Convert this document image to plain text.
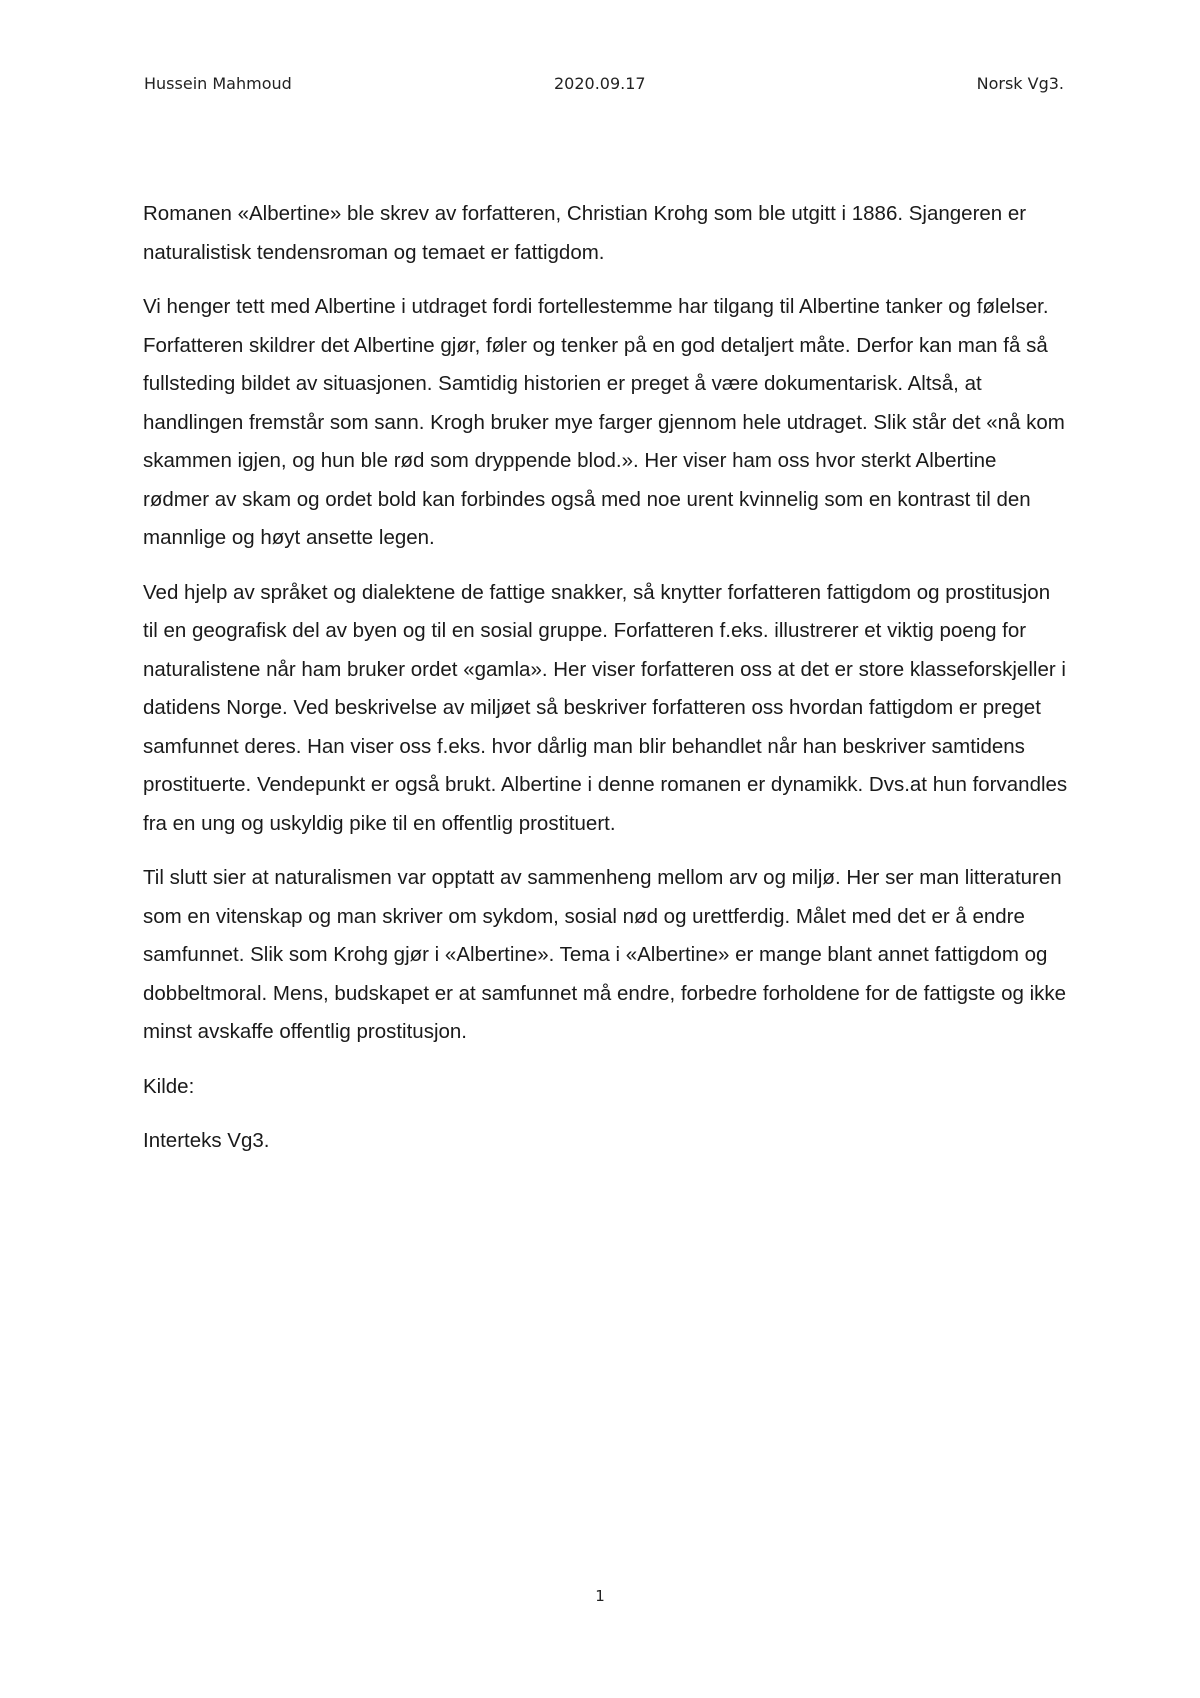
Hussein Mahmoud	2020.09.17	Norsk Vg3.

Romanen «Albertine» ble skrev av forfatteren, Christian Krohg som ble utgitt i 1886. Sjangeren er naturalistisk tendensroman og temaet er fattigdom.

Vi henger tett med Albertine i utdraget fordi fortellestemme har tilgang til Albertine tanker og følelser. Forfatteren skildrer det Albertine gjør, føler og tenker på en god detaljert måte. Derfor kan man få så fullsteding bildet av situasjonen. Samtidig historien er preget å være dokumentarisk. Altså, at handlingen fremstår som sann. Krogh bruker mye farger gjennom hele utdraget. Slik står det «nå kom skammen igjen, og hun ble rød som dryppende blod.». Her viser ham oss hvor sterkt Albertine rødmer av skam og ordet bold kan forbindes også med noe urent kvinnelig som en kontrast til den mannlige og høyt ansette legen.

Ved hjelp av språket og dialektene de fattige snakker, så knytter forfatteren fattigdom og prostitusjon til en geografisk del av byen og til en sosial gruppe. Forfatteren f.eks. illustrerer et viktig poeng for naturalistene når ham bruker ordet «gamla». Her viser forfatteren oss at det er store klasseforskjeller i datidens Norge. Ved beskrivelse av miljøet så beskriver forfatteren oss hvordan fattigdom er preget samfunnet deres. Han viser oss f.eks. hvor dårlig man blir behandlet når han beskriver samtidens prostituerte. Vendepunkt er også brukt. Albertine i denne romanen er dynamikk. Dvs.at hun forvandles fra en ung og uskyldig pike til en offentlig prostituert.

Til slutt sier at naturalismen var opptatt av sammenheng mellom arv og miljø. Her ser man litteraturen som en vitenskap og man skriver om sykdom, sosial nød og urettferdig. Målet med det er å endre samfunnet. Slik som Krohg gjør i «Albertine». Tema i «Albertine» er mange blant annet fattigdom og dobbeltmoral. Mens, budskapet er at samfunnet må endre, forbedre forholdene for de fattigste og ikke minst avskaffe offentlig prostitusjon.

Kilde:

Interteks Vg3.

1
